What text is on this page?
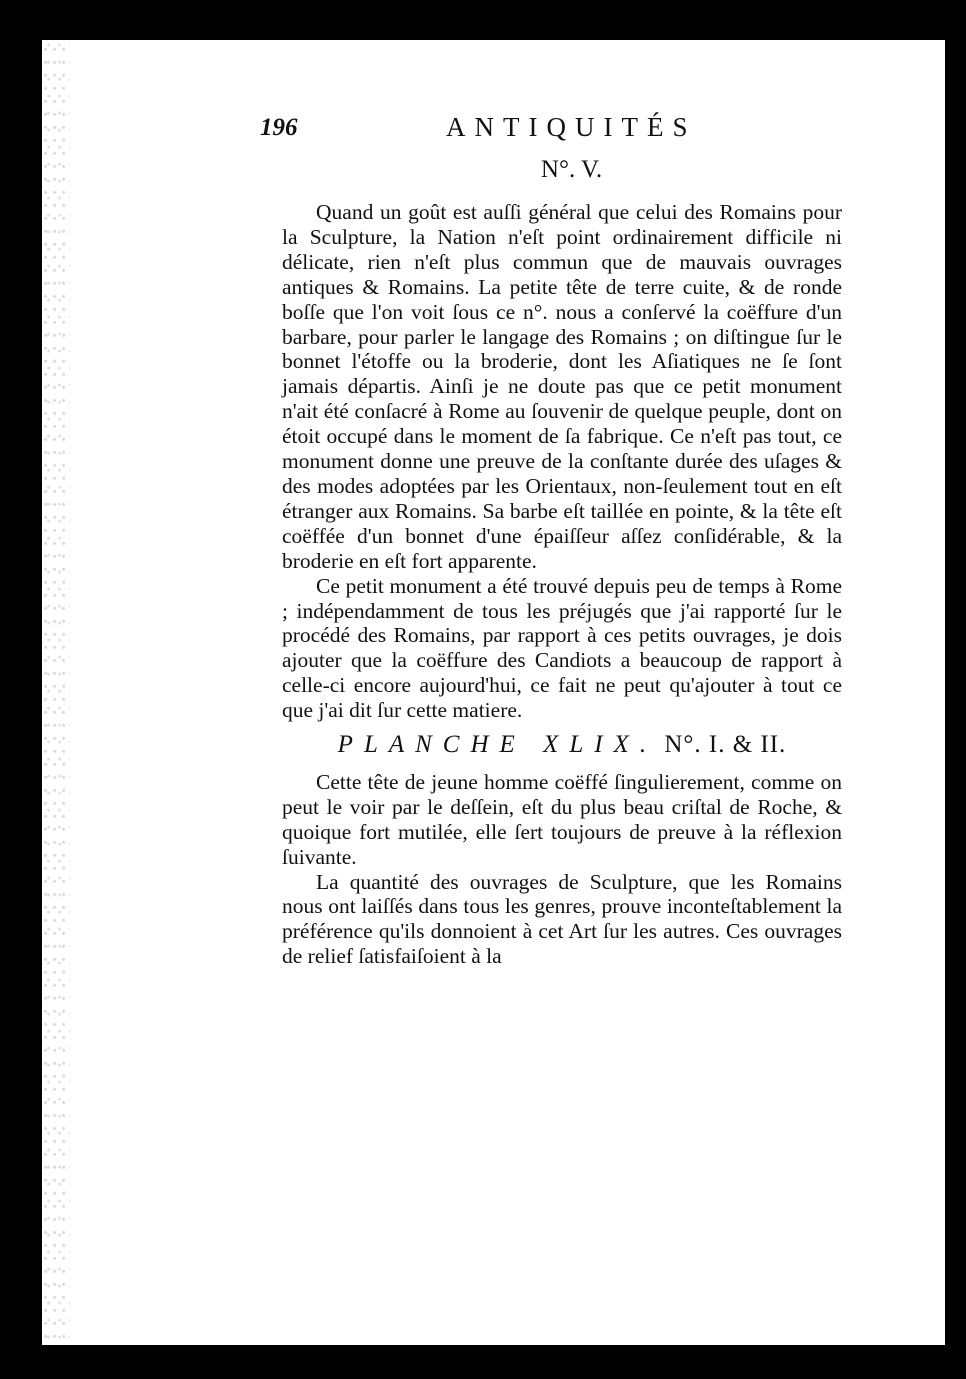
196	ANTIQUITÉS
N°. V.

Quand un goût est auſſi général que celui des Romains pour la Sculpture, la Nation n'eſt point ordinairement difficile ni délicate, rien n'eſt plus commun que de mauvais ouvrages antiques & Romains. La petite tête de terre cuite, & de ronde boſſe que l'on voit ſous ce n°. nous a conſervé la coëffure d'un barbare, pour parler le langage des Romains ; on diſtingue ſur le bonnet l'étoffe ou la broderie, dont les Aſiatiques ne ſe ſont jamais départis. Ainſi je ne doute pas que ce petit monument n'ait été conſacré à Rome au ſouvenir de quelque peuple, dont on étoit occupé dans le moment de ſa fabrique. Ce n'eſt pas tout, ce monument donne une preuve de la conſtante durée des uſages & des modes adoptées par les Orientaux, non-ſeulement tout en eſt étranger aux Romains. Sa barbe eſt taillée en pointe, & la tête eſt coëffée d'un bonnet d'une épaiſſeur aſſez conſidérable, & la broderie en eſt fort apparente.

Ce petit monument a été trouvé depuis peu de temps à Rome ; indépendamment de tous les préjugés que j'ai rapporté ſur le procédé des Romains, par rapport à ces petits ouvrages, je dois ajouter que la coëffure des Candiots a beaucoup de rapport à celle-ci encore aujourd'hui, ce fait ne peut qu'ajouter à tout ce que j'ai dit ſur cette matiere.

PLANCHE XLIX. N°. I. & II.

Cette tête de jeune homme coëffé ſingulierement, comme on peut le voir par le deſſein, eſt du plus beau criſtal de Roche, & quoique fort mutilée, elle ſert toujours de preuve à la réflexion ſuivante.

La quantité des ouvrages de Sculpture, que les Romains nous ont laiſſés dans tous les genres, prouve inconteſtablement la préférence qu'ils donnoient à cet Art ſur les autres. Ces ouvrages de relief ſatisfaiſoient à la
